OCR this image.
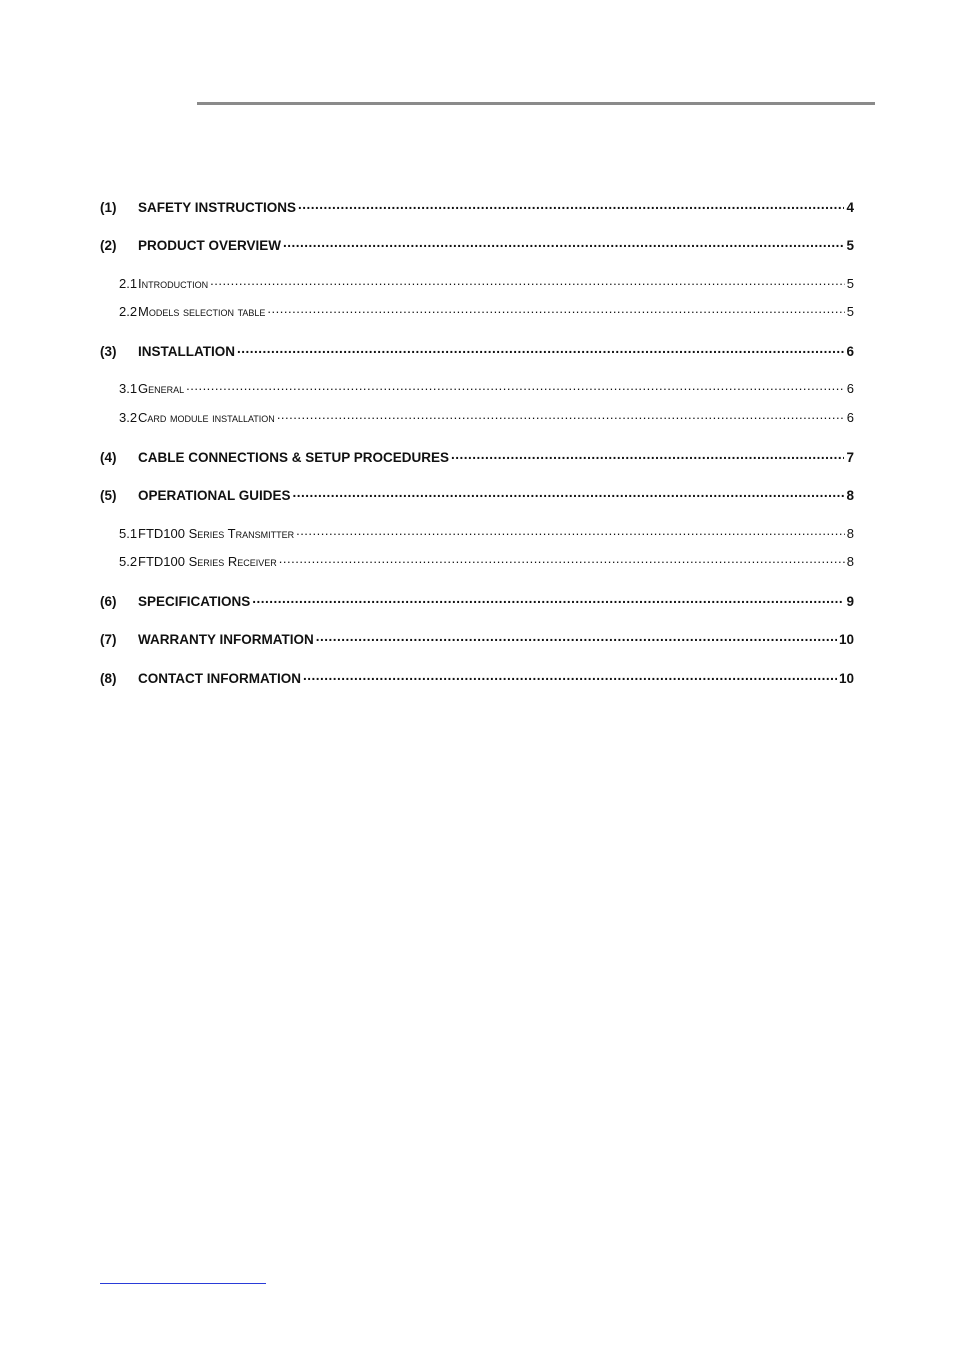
(1)	SAFETY INSTRUCTIONS .....	4
(2)	PRODUCT OVERVIEW .....	5
2.1 Introduction .....	5
2.2 Models selection table .....	5
(3)	INSTALLATION .....	6
3.1 General .....	6
3.2 Card module installation .....	6
(4)	CABLE CONNECTIONS & SETUP PROCEDURES .....	7
(5)	OPERATIONAL GUIDES .....	8
5.1 FTD100 Series Transmitter .....	8
5.2 FTD100 Series Receiver .....	8
(6)	SPECIFICATIONS .....	9
(7)	WARRANTY INFORMATION .....	10
(8)	CONTACT INFORMATION .....	10
